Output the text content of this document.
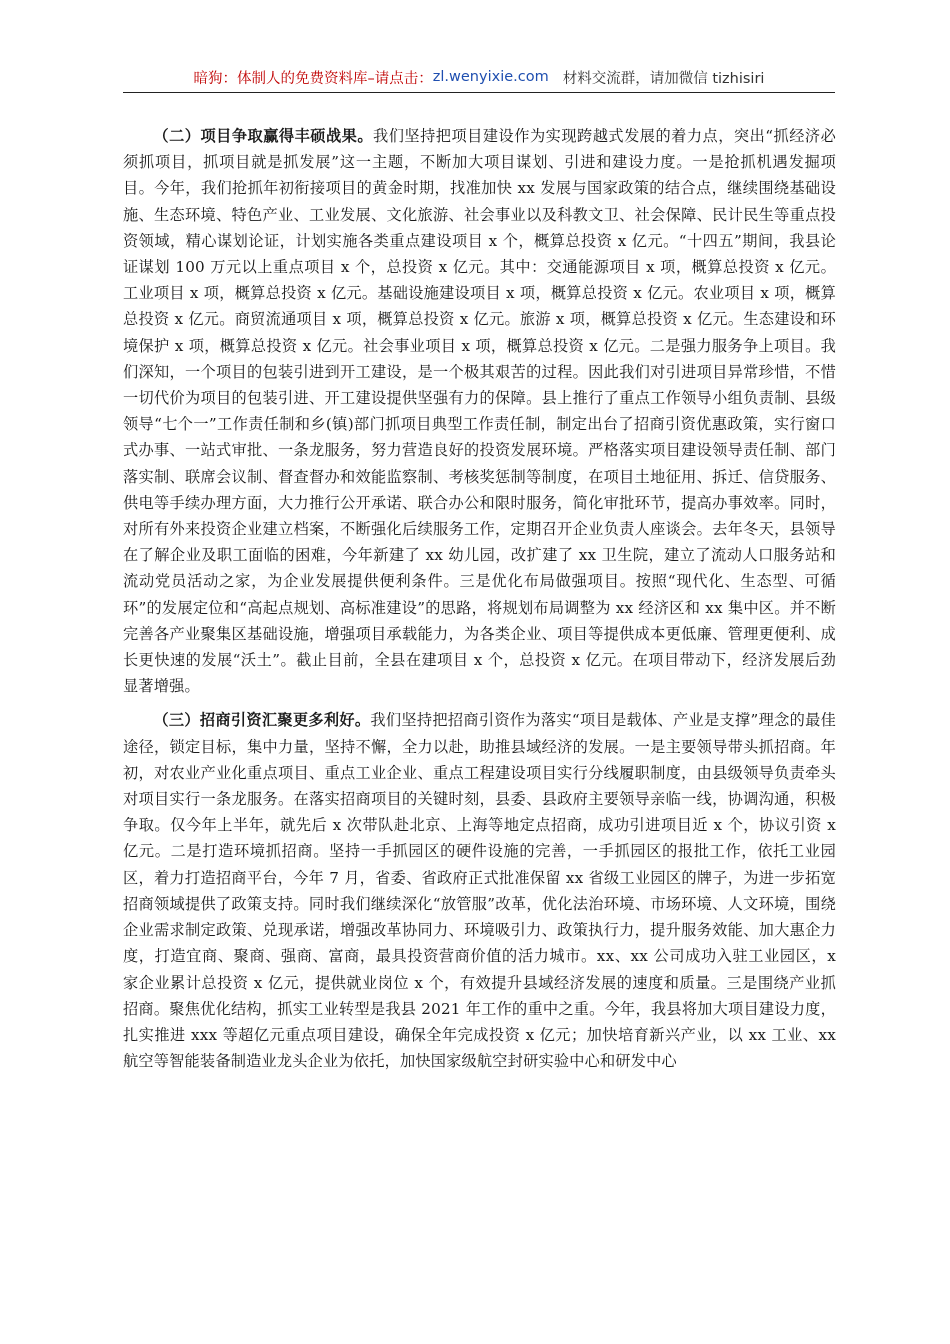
暗狗：体制人的免费资料库 –请点击： zl.wenyixie.com 材料交流群，请加微信 tizhisiri

（二）项目争取赢得丰硕战果。我们坚持把项目建设作为实现跨越式发展的着力点，突出“抓经济必须抓项目，抓项目就是抓发展”这一主题，不断加大项目谋划、引进和建设力度。一是抢抓机遇发掘项目。今年，我们抢抓年初衔接项目的黄金时期，找准加快 xx 发展与国家政策的结合点，继续围绕基础设施、生态环境、特色产业、工业发展、文化旅游、社会事业以及科教文卫、社会保障、民计民生等重点投资领域，精心谋划论证，计划实施各类重点建设项目 x 个，概算总投资 x 亿元。“十四五”期间，我县论证谋划 100 万元以上重点项目 x 个，总投资 x 亿元。其中：交通能源项目 x 项，概算总投资 x 亿元。工业项目 x 项，概算总投资 x 亿元。基础设施建设项目 x 项，概算总投资 x 亿元。农业项目 x 项，概算总投资 x 亿元。商贸流通项目 x 项，概算总投资 x 亿元。旅游 x 项，概算总投资 x 亿元。生态建设和环境保护 x 项，概算总投资 x 亿元。社会事业项目 x 项，概算总投资 x 亿元。二是强力服务争上项目。我们深知，一个项目的包装引进到开工建设，是一个极其艰苦的过程。因此我们对引进项目异常珍惜，不惜一切代价为项目的包装引进、开工建设提供坚强有力的保障。县上推行了重点工作领导小组负责制、县级领导“七个一”工作责任制和乡(镇)部门抓项目典型工作责任制，制定出台了招商引资优惠政策，实行窗口式办事、一站式审批、一条龙服务，努力营造良好的投资发展环境。严格落实项目建设领导责任制、部门落实制、联席会议制、督查督办和效能监察制、考核奖惩制等制度，在项目土地征用、拆迁、信贷服务、供电等手续办理方面，大力推行公开承诺、联合办公和限时服务，简化审批环节，提高办事效率。同时，对所有外来投资企业建立档案，不断强化后续服务工作，定期召开企业负责人座谈会。去年冬天，县领导在了解企业及职工面临的困难，今年新建了 xx 幼儿园，改扩建了 xx 卫生院，建立了流动人口服务站和流动党员活动之家，为企业发展提供便利条件。三是优化布局做强项目。按照“现代化、生态型、可循环”的发展定位和“高起点规划、高标准建设”的思路，将规划布局调整为 xx 经济区和 xx 集中区。并不断完善各产业聚集区基础设施，增强项目承载能力，为各类企业、项目等提供成本更低廉、管理更便利、成长更快速的发展“沃土”。截止目前，全县在建项目 x 个，总投资 x 亿元。在项目带动下，经济发展后劲显著增强。

（三）招商引资汇聚更多利好。我们坚持把招商引资作为落实“项目是载体、产业是支撑”理念的最佳途径，锁定目标，集中力量，坚持不懈，全力以赴，助推县域经济的发展。一是主要领导带头抓招商。年初，对农业产业化重点项目、重点工业企业、重点工程建设项目实行分线履职制度，由县级领导负责牵头对项目实行一条龙服务。在落实招商项目的关键时刻，县委、县政府主要领导亲临一线，协调沟通，积极争取。仅今年上半年，就先后 x 次带队赴北京、上海等地定点招商，成功引进项目近 x 个，协议引资 x 亿元。二是打造环境抓招商。坚持一手抓园区的硬件设施的完善，一手抓园区的报批工作，依托工业园区，着力打造招商平台，今年 7 月，省委、省政府正式批准保留 xx 省级工业园区的牌子，为进一步拓宽招商领域提供了政策支持。同时我们继续深化“放管服”改革，优化法治环境、市场环境、人文环境，围绕企业需求制定政策、兑现承诺，增强改革协同力、环境吸引力、政策执行力，提升服务效能、加大惠企力度，打造宜商、聚商、强商、富商，最具投资营商价值的活力城市。xx、xx 公司成功入驻工业园区，x 家企业累计总投资 x 亿元，提供就业岗位 x 个，有效提升县域经济发展的速度和质量。三是围绕产业抓招商。聚焦优化结构，抓实工业转型是我县 2021 年工作的重中之重。今年，我县将加大项目建设力度，扎实推进 xxx 等超亿元重点项目建设，确保全年完成投资 x 亿元；加快培育新兴产业，以 xx 工业、xx 航空等智能装备制造业龙头企业为依托，加快国家级航空封研实验中心和研发中心
